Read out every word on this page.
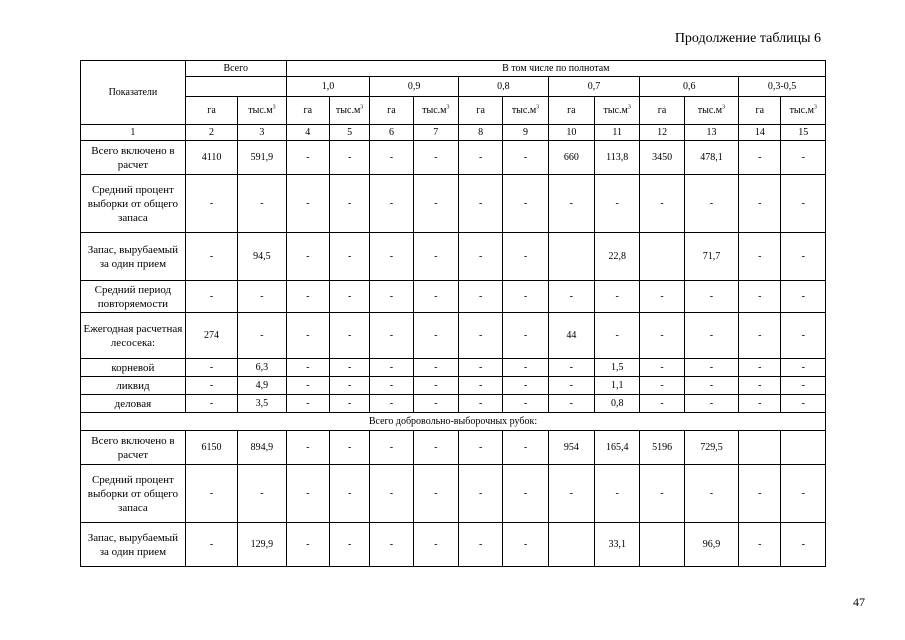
Продолжение таблицы 6
Показатели	Всего		В том числе по полнотам											
			1,0		0,9		0,8		0,7		0,6		0,3-0,5	
	га	$тыс.м^3$	га	$тыс.м^3$	га	$тыс.м^3$	га	$тыс.м^3$	га	$тыс.м^3$	га	$тыс.м^3$	га	$тыс.м^3$
1	2	3	4	5	6	7	8	9	10	11	12	13	14	15
Всего включено в расчет	4110	591,9	-	-	-	-	-	-	660	113,8	3450	478,1	-	-
Средний процент выборки от общего запаса	-	-	-	-	-	-	-	-	-	-	-	-	-	-
Запас, вырубаемый за один прием	-	94,5	-	-	-	-	-	-		22,8		71,7	-	-
Средний период повторяемости	-	-	-	-	-	-	-	-	-	-	-	-	-	-
Ежегодная расчетная лесосека:	274	-	-	-	-	-	-	-	44	-	-	-	-	-
корневой	-	6,3	-	-	-	-	-	-	-	1,5	-	-	-	-
ликвид	-	4,9	-	-	-	-	-	-	-	1,1	-	-	-	-
деловая	-	3,5	-	-	-	-	-	-	-	0,8	-	-	-	-
Всего добровольно-выборочных рубок:														
Всего включено в расчет	6150	894,9	-	-	-	-	-	-	954	165,4	5196	729,5		
Средний процент выборки от общего запаса	-	-	-	-	-	-	-	-	-	-	-	-	-	-
Запас, вырубаемый за один прием	-	129,9	-	-	-	-	-	-		33,1		96,9	-	-
47
